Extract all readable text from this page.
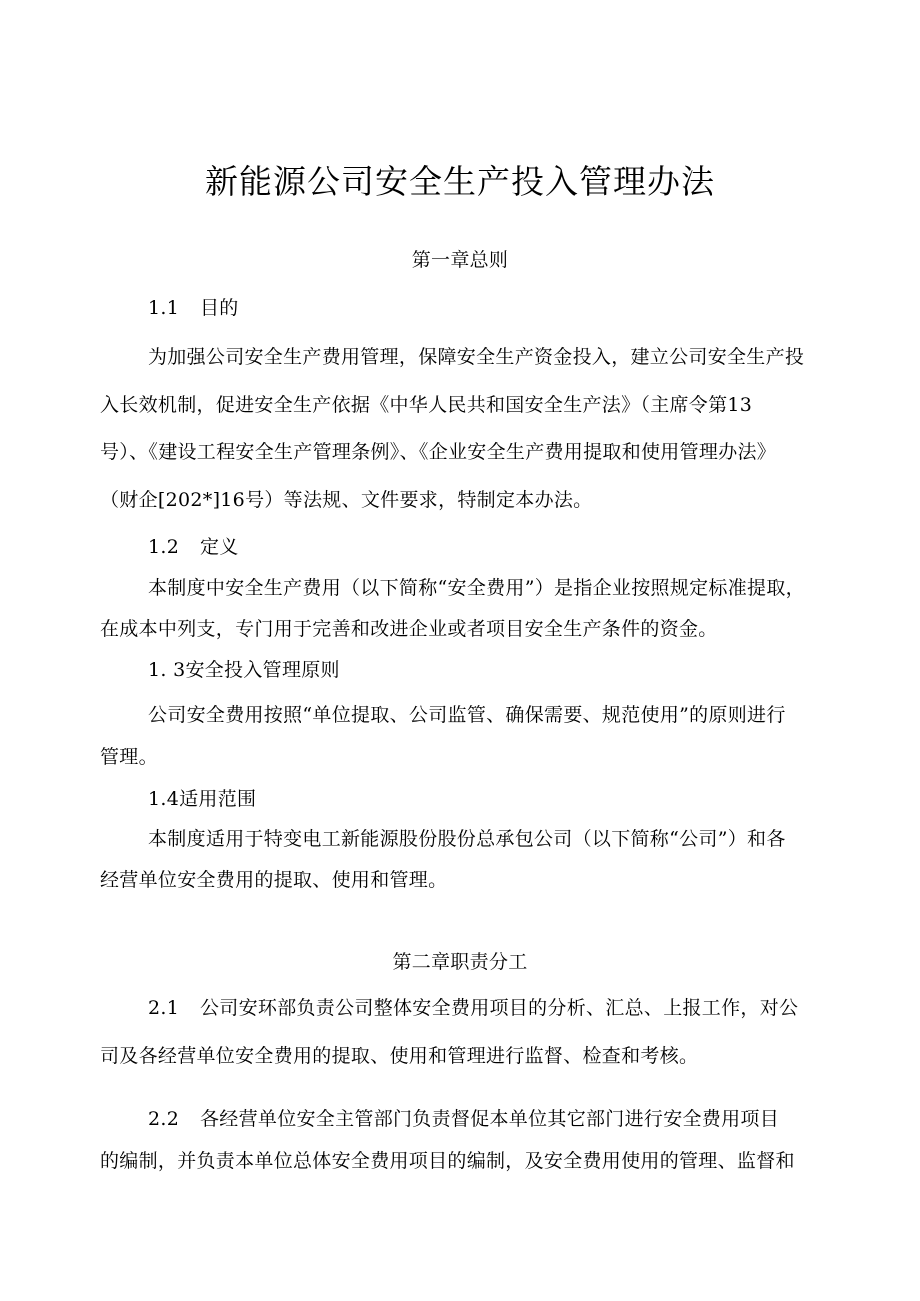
新能源公司安全生产投入管理办法
第一章总则
1.1 目的
为加强公司安全生产费用管理，保障安全生产资金投入，建立公司安全生产投
入长效机制，促进安全生产依据《中华人民共和国安全生产法》（主席令第13
号）、《建设工程安全生产管理条例》、《企业安全生产费用提取和使用管理办法》
（财企[202*]16号）等法规、文件要求，特制定本办法。
1.2 定义
本制度中安全生产费用（以下简称“安全费用”）是指企业按照规定标准提取，
在成本中列支，专门用于完善和改进企业或者项目安全生产条件的资金。
1. 3安全投入管理原则
公司安全费用按照“单位提取、公司监管、确保需要、规范使用”的原则进行
管理。
1.4适用范围
本制度适用于特变电工新能源股份股份总承包公司（以下简称“公司”）和各
经营单位安全费用的提取、使用和管理。
第二章职责分工
2.1 公司安环部负责公司整体安全费用项目的分析、汇总、上报工作，对公
司及各经营单位安全费用的提取、使用和管理进行监督、检查和考核。
2.2 各经营单位安全主管部门负责督促本单位其它部门进行安全费用项目
的编制，并负责本单位总体安全费用项目的编制，及安全费用使用的管理、监督和
